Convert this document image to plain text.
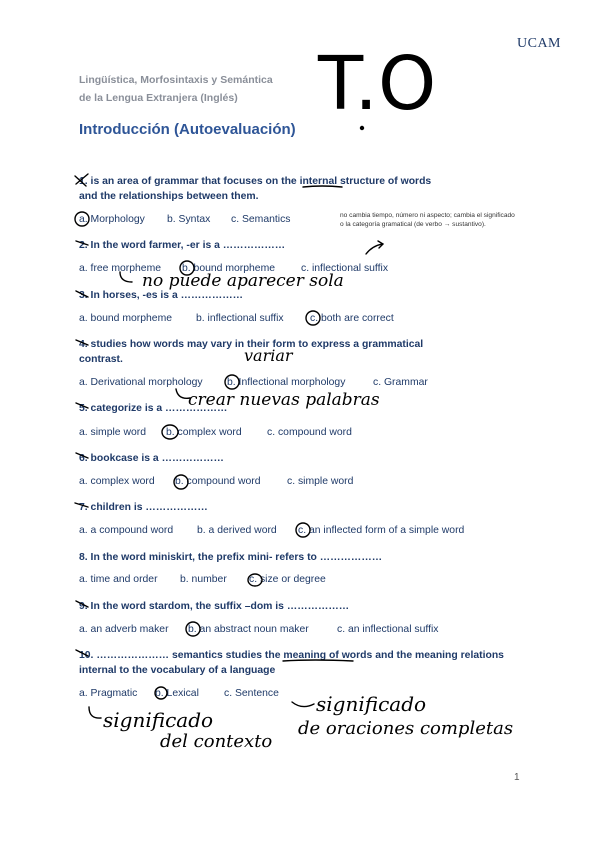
UCAM
Lingüística, Morfosintaxis y Semántica
de la Lengua Extranjera (Inglés)
Introducción (Autoevaluación)
1. is an area of grammar that focuses on the internal structure of words
and the relationships between them.
a. Morphology b. Syntax c. Semantics	no cambia tiempo, número ni aspecto; cambia el significado o la categoría gramatical (de verbo → sustantivo).
2. In the word farmer, -er is a ………………
a. free morpheme b. bound morpheme	c. inflectional suffix
3. In horses, -es is a ………………
a. bound morpheme b. inflectional suffix	c. both are correct
4. studies how words may vary in their form to express a grammatical
contrast.
a. Derivational morphology b. Inflectional morphology	c. Grammar
5. categorize is a ………………
a. simple word b. complex word c. compound word
6. bookcase is a ………………
a. complex word b. compound word	c. simple word
7. children is ………………
a. a compound word b. a derived word c. an inflected form of a simple word
8. In the word miniskirt, the prefix mini- refers to ………………
a. time and order b. number c. size or degree
9. In the word stardom, the suffix –dom is ………………
a. an adverb maker b. an abstract noun maker	c. an inflectional suffix
10. ………………… semantics studies the meaning of words and the meaning relations
internal to the vocabulary of a language
a. Pragmatic b. Lexical c. Sentence
1
T.O
no puede aparecer sola
variar
crear nuevas palabras
significado
del contexto
significado
de oraciones completas
